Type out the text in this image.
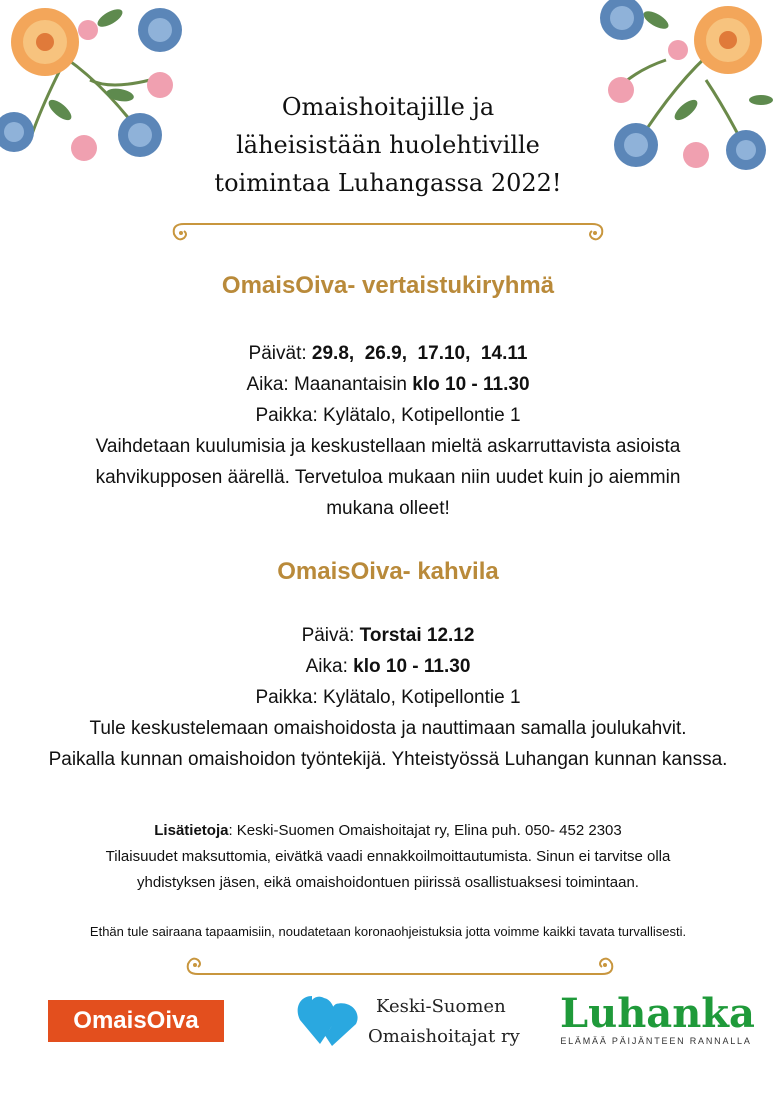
Omaishoitajille ja
läheisistään huolehtiville
toimintaa Luhangassa 2022!
OmaisOiva- vertaistukiryhmä
Päivät: 29.8,  26.9,  17.10,  14.11
Aika: Maanantaisin klo 10 - 11.30
Paikka: Kylätalo, Kotipellontie 1
Vaihdetaan kuulumisia ja keskustellaan mieltä askarruttavista asioista
kahvikupposen äärellä. Tervetuloa mukaan niin uudet kuin jo aiemmin
mukana olleet!
OmaisOiva- kahvila
Päivä: Torstai 12.12
Aika: klo 10 - 11.30
Paikka: Kylätalo, Kotipellontie 1
Tule keskustelemaan omaishoidosta ja nauttimaan samalla joulukahvit.
Paikalla kunnan omaishoidon työntekijä. Yhteistyössä Luhangan kunnan kanssa.
Lisätietoja: Keski-Suomen Omaishoitajat ry, Elina puh. 050- 452 2303
Tilaisuudet maksuttomia, eivätkä vaadi ennakkoilmoittautumista. Sinun ei tarvitse olla
yhdistyksen jäsen, eikä omaishoidontuen piirissä osallistuaksesi toimintaan.
Ethän tule sairaana tapaamisiin, noudatetaan koronaohjeistuksia jotta voimme kaikki tavata turvallisesti.
OmaisOiva
Keski-Suomen
Omaishoitajat ry Luhanka
ELÄMÄÄ PÄIJÄNTEEN RANNALLA
